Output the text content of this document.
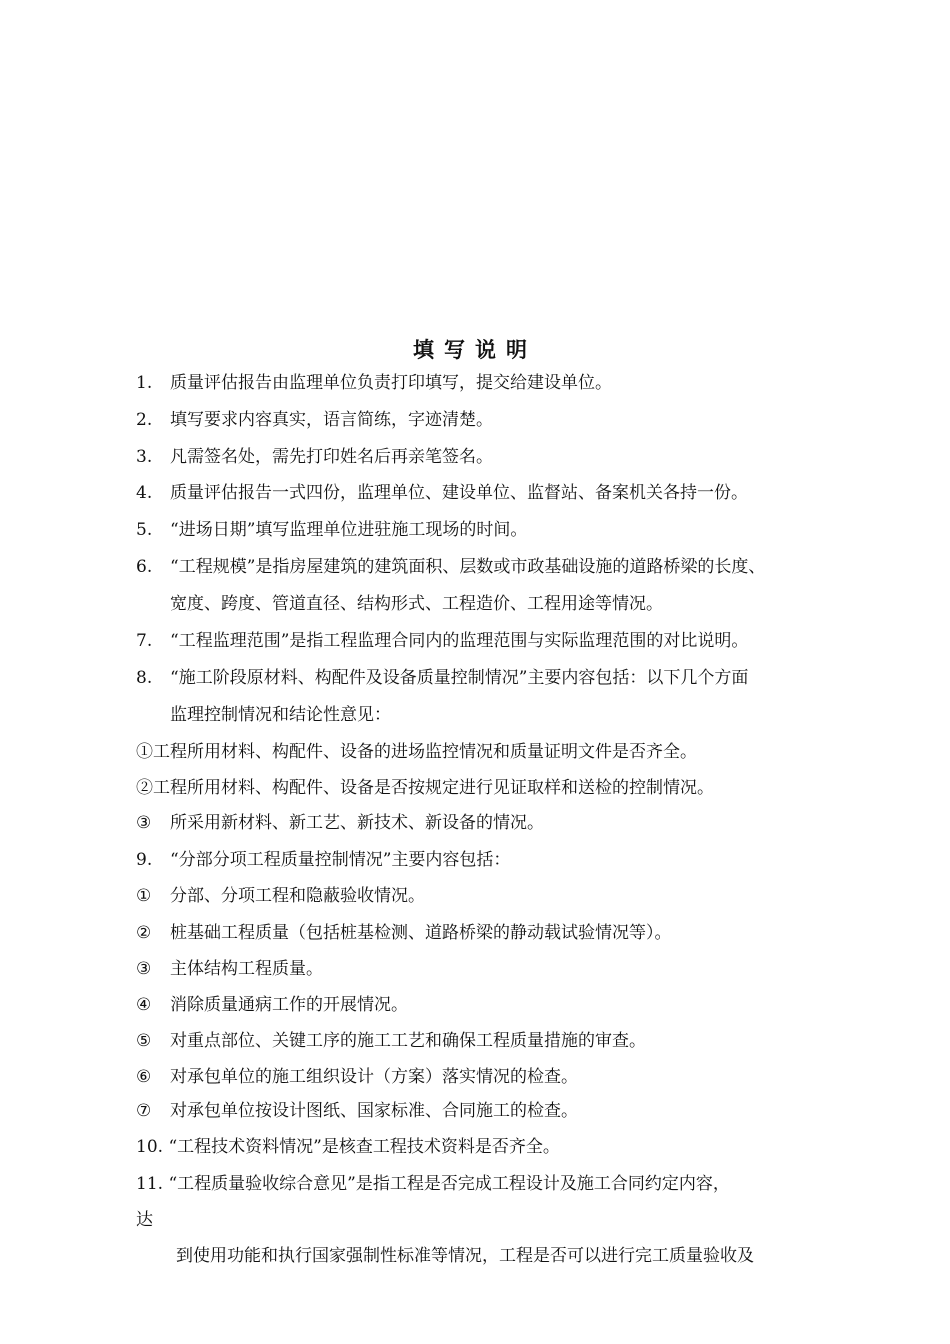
填写说明
1. 质量评估报告由监理单位负责打印填写，提交给建设单位。
2. 填写要求内容真实，语言简练，字迹清楚。
3. 凡需签名处，需先打印姓名后再亲笔签名。
4. 质量评估报告一式四份，监理单位、建设单位、监督站、备案机关各持一份。
5. “进场日期”填写监理单位进驻施工现场的时间。
6. “工程规模”是指房屋建筑的建筑面积、层数或市政基础设施的道路桥梁的长度、
宽度、跨度、管道直径、结构形式、工程造价、工程用途等情况。
7. “工程监理范围”是指工程监理合同内的监理范围与实际监理范围的对比说明。
8. “施工阶段原材料、构配件及设备质量控制情况”主要内容包括：以下几个方面
监理控制情况和结论性意见：
①工程所用材料、构配件、设备的进场监控情况和质量证明文件是否齐全。
②工程所用材料、构配件、设备是否按规定进行见证取样和送检的控制情况。
③ 所采用新材料、新工艺、新技术、新设备的情况。
9. “分部分项工程质量控制情况”主要内容包括：
① 分部、分项工程和隐蔽验收情况。
② 桩基础工程质量（包括桩基检测、道路桥梁的静动载试验情况等）。
③ 主体结构工程质量。
④ 消除质量通病工作的开展情况。
⑤ 对重点部位、关键工序的施工工艺和确保工程质量措施的审查。
⑥ 对承包单位的施工组织设计（方案）落实情况的检查。
⑦ 对承包单位按设计图纸、国家标准、合同施工的检查。
10. “工程技术资料情况”是核查工程技术资料是否齐全。
11. “工程质量验收综合意见”是指工程是否完成工程设计及施工合同约定内容，
达
到使用功能和执行国家强制性标准等情况，工程是否可以进行完工质量验收及
